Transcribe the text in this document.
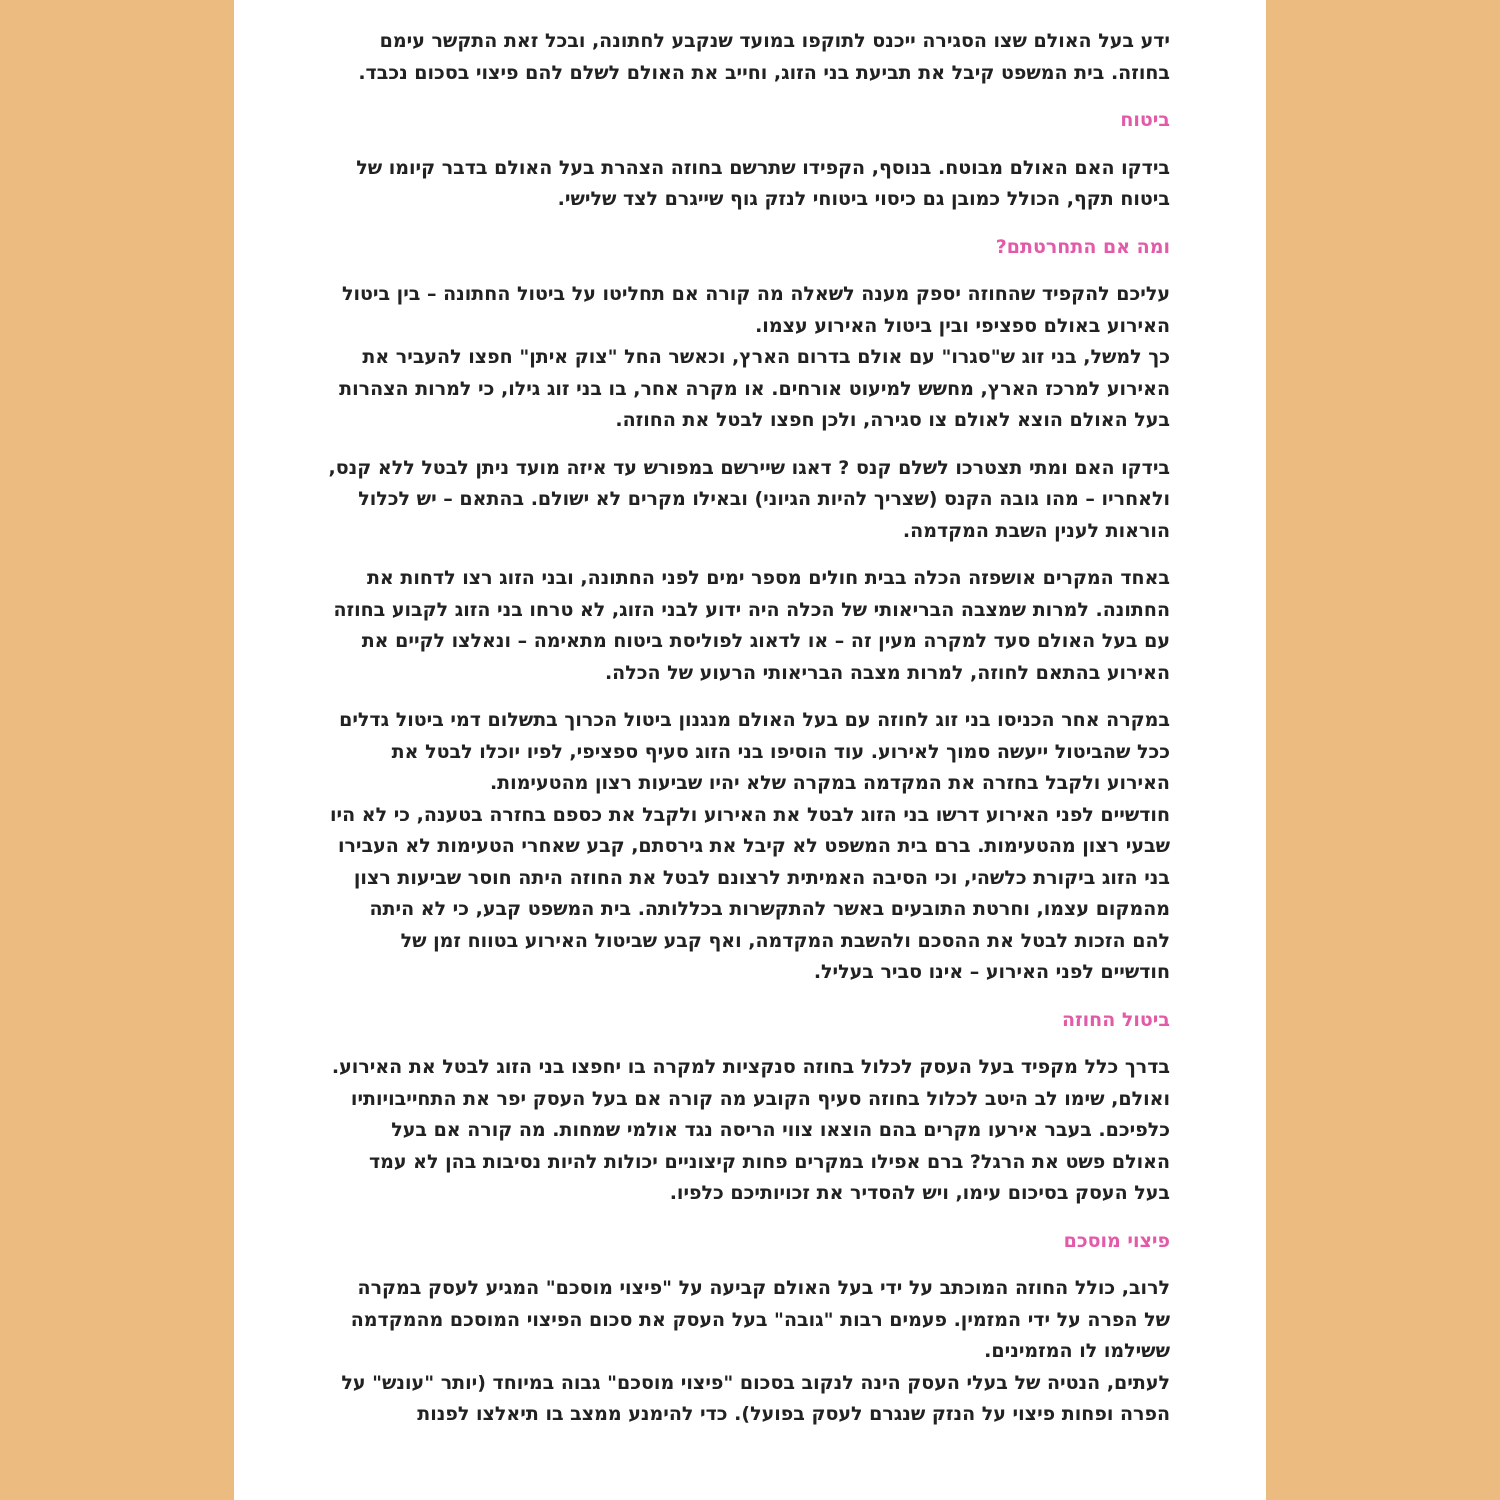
ידע בעל האולם שצו הסגירה ייכנס לתוקפו במועד שנקבע לחתונה, ובכל זאת התקשר עימם בחוזה. בית המשפט קיבל את תביעת בני הזוג, וחייב את האולם לשלם להם פיצוי בסכום נכבד.

ביטוח

בידקו האם האולם מבוטח. בנוסף, הקפידו שתרשם בחוזה הצהרת בעל האולם בדבר קיומו של ביטוח תקף, הכולל כמובן גם כיסוי ביטוחי לנזק גוף שייגרם לצד שלישי.

ומה אם התחרטתם?

עליכם להקפיד שהחוזה יספק מענה לשאלה מה קורה אם תחליטו על ביטול החתונה – בין ביטול האירוע באולם ספציפי ובין ביטול האירוע עצמו.

כך למשל, בני זוג ש"סגרו" עם אולם בדרום הארץ, וכאשר החל "צוק איתן" חפצו להעביר את האירוע למרכז הארץ, מחשש למיעוט אורחים. או מקרה אחר, בו בני זוג גילו, כי למרות הצהרות בעל האולם הוצא לאולם צו סגירה, ולכן חפצו לבטל את החוזה.

בידקו האם ומתי תצטרכו לשלם קנס ? דאגו שיירשם במפורש עד איזה מועד ניתן לבטל ללא קנס, ולאחריו – מהו גובה הקנס (שצריך להיות הגיוני) ובאילו מקרים לא ישולם. בהתאם – יש לכלול הוראות לענין השבת המקדמה.

באחד המקרים אושפזה הכלה בבית חולים מספר ימים לפני החתונה, ובני הזוג רצו לדחות את החתונה. למרות שמצבה הבריאותי של הכלה היה ידוע לבני הזוג, לא טרחו בני הזוג לקבוע בחוזה עם בעל האולם סעד למקרה מעין זה – או לדאוג לפוליסת ביטוח מתאימה – ונאלצו לקיים את האירוע בהתאם לחוזה, למרות מצבה הבריאותי הרעוע של הכלה.

במקרה אחר הכניסו בני זוג לחוזה עם בעל האולם מנגנון ביטול הכרוך בתשלום דמי ביטול גדלים ככל שהביטול ייעשה סמוך לאירוע. עוד הוסיפו בני הזוג סעיף ספציפי, לפיו יוכלו לבטל את האירוע ולקבל בחזרה את המקדמה במקרה שלא יהיו שביעות רצון מהטעימות.

חודשיים לפני האירוע דרשו בני הזוג לבטל את האירוע ולקבל את כספם בחזרה בטענה, כי לא היו שבעי רצון מהטעימות. ברם בית המשפט לא קיבל את גירסתם, קבע שאחרי הטעימות לא העבירו בני הזוג ביקורת כלשהי, וכי הסיבה האמיתית לרצונם לבטל את החוזה היתה חוסר שביעות רצון מהמקום עצמו, וחרטת התובעים באשר להתקשרות בכללותה. בית המשפט קבע, כי לא היתה להם הזכות לבטל את ההסכם ולהשבת המקדמה, ואף קבע שביטול האירוע בטווח זמן של חודשיים לפני האירוע – אינו סביר בעליל.

ביטול החוזה

בדרך כלל מקפיד בעל העסק לכלול בחוזה סנקציות למקרה בו יחפצו בני הזוג לבטל את האירוע. ואולם, שימו לב היטב לכלול בחוזה סעיף הקובע מה קורה אם בעל העסק יפר את התחייבויותיו כלפיכם. בעבר אירעו מקרים בהם הוצאו צווי הריסה נגד אולמי שמחות. מה קורה אם בעל האולם פשט את הרגל? ברם אפילו במקרים פחות קיצוניים יכולות להיות נסיבות בהן לא עמד בעל העסק בסיכום עימו, ויש להסדיר את זכויותיכם כלפיו.

פיצוי מוסכם

לרוב, כולל החוזה המוכתב על ידי בעל האולם קביעה על "פיצוי מוסכם" המגיע לעסק במקרה של הפרה על ידי המזמין. פעמים רבות "גובה" בעל העסק את סכום הפיצוי המוסכם מהמקדמה ששילמו לו המזמינים.

לעתים, הנטיה של בעלי העסק הינה לנקוב בסכום "פיצוי מוסכם" גבוה במיוחד (יותר "עונש" על הפרה ופחות פיצוי על הנזק שנגרם לעסק בפועל). כדי להימנע ממצב בו תיאלצו לפנות
